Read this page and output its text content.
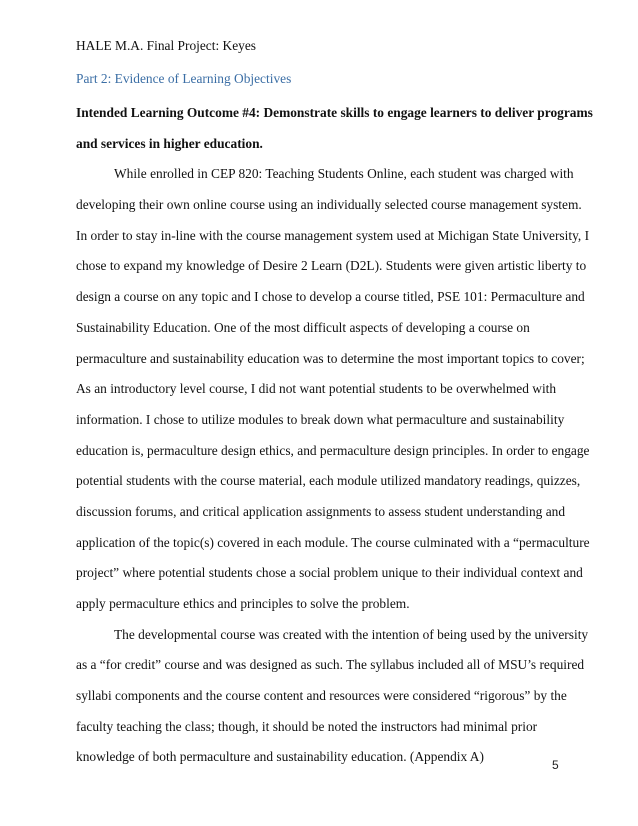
HALE M.A. Final Project: Keyes
Part 2: Evidence of Learning Objectives
Intended Learning Outcome #4: Demonstrate skills to engage learners to deliver programs
and services in higher education.
While enrolled in CEP 820: Teaching Students Online, each student was charged with
developing their own online course using an individually selected course management system.
In order to stay in-line with the course management system used at Michigan State University, I
chose to expand my knowledge of Desire 2 Learn (D2L). Students were given artistic liberty to
design a course on any topic and I chose to develop a course titled, PSE 101: Permaculture and
Sustainability Education. One of the most difficult aspects of developing a course on
permaculture and sustainability education was to determine the most important topics to cover;
As an introductory level course, I did not want potential students to be overwhelmed with
information. I chose to utilize modules to break down what permaculture and sustainability
education is, permaculture design ethics, and permaculture design principles. In order to engage
potential students with the course material, each module utilized mandatory readings, quizzes,
discussion forums, and critical application assignments to assess student understanding and
application of the topic(s) covered in each module. The course culminated with a “permaculture
project” where potential students chose a social problem unique to their individual context and
apply permaculture ethics and principles to solve the problem.
The developmental course was created with the intention of being used by the university
as a “for credit” course and was designed as such. The syllabus included all of MSU’s required
syllabi components and the course content and resources were considered “rigorous” by the
faculty teaching the class; though, it should be noted the instructors had minimal prior
knowledge of both permaculture and sustainability education. (Appendix A)
5
